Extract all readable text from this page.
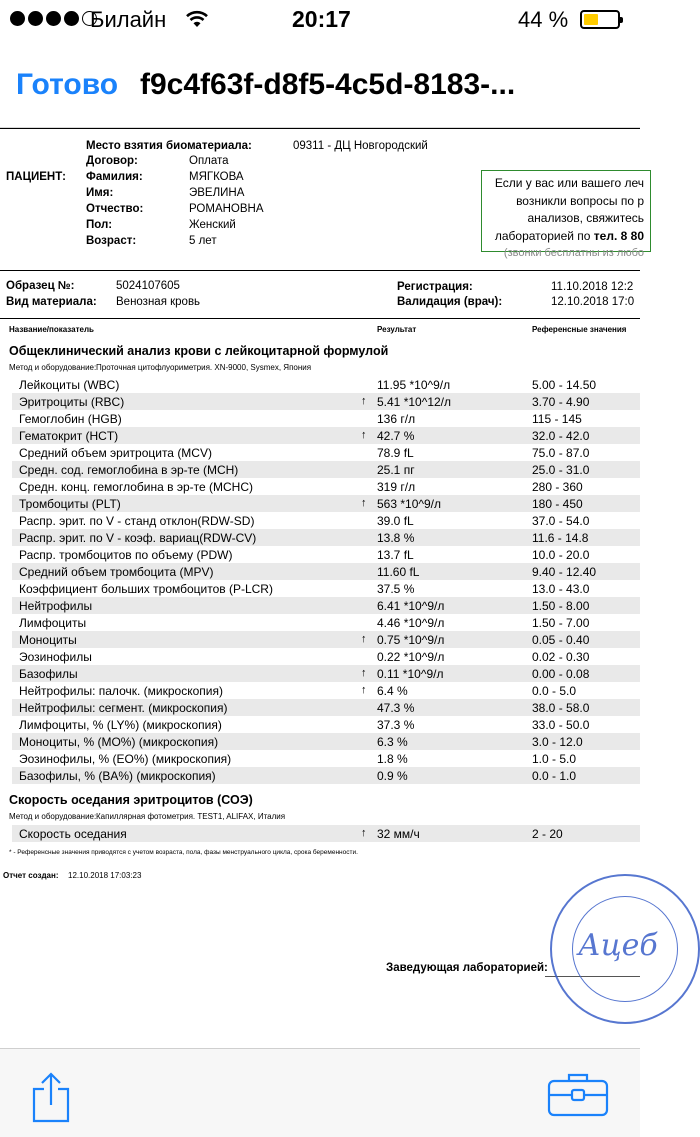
Билайн	20:17	44 %
Готово f9c4f63f-d8f5-4c5d-8183-...
Место взятия биоматериала:	09311 - ДЦ Новгородский
Договор:	Оплата
ПАЦИЕНТ: Фамилия:	МЯГКОВА
Имя:	ЭВЕЛИНА
Отчество:	РОМАНОВНА
Пол:	Женский
Возраст:	5 лет
Если у вас или вашего леч
возникли вопросы по р
анализов, свяжитесь
лабораторией по тел. 8 80
(звонки бесплатны из любо
Образец №:	5024107605
Вид материала: Венозная кровь
Регистрация:	11.10.2018 12:2
Валидация (врач):	12.10.2018 17:0
Название/показатель	Результат	Референсные значения
Общеклинический анализ крови с лейкоцитарной формулой
Метод и оборудование: Проточная цитофлуориметрия. XN-9000, Sysmex, Япония
Лейкоциты (WBC)	11.95 *10^9/л	5.00 - 14.50
Эритроциты (RBC)	↑ 5.41 *10^12/л	3.70 - 4.90
Гемоглобин (HGB)	136 г/л	115 - 145
Гематокрит (HCT)	↑ 42.7 %	32.0 - 42.0
Средний объем эритроцита (MCV)	78.9 fL	75.0 - 87.0
Средн. сод. гемоглобина в эр-те (MCH)	25.1 пг	25.0 - 31.0
Средн. конц. гемоглобина в эр-те (MCHC)	319 г/л	280 - 360
Тромбоциты (PLT)	↑ 563 *10^9/л	180 - 450
Распр. эрит. по V - станд отклон(RDW-SD)	39.0 fL	37.0 - 54.0
Распр. эрит. по V - коэф. вариац(RDW-CV)	13.8 %	11.6 - 14.8
Распр. тромбоцитов по объему (PDW)	13.7 fL	10.0 - 20.0
Средний объем тромбоцита (MPV)	11.60 fL	9.40 - 12.40
Коэффициент больших тромбоцитов (P-LCR)	37.5 %	13.0 - 43.0
Нейтрофилы	6.41 *10^9/л	1.50 - 8.00
Лимфоциты	4.46 *10^9/л	1.50 - 7.00
Моноциты	↑ 0.75 *10^9/л	0.05 - 0.40
Эозинофилы	0.22 *10^9/л	0.02 - 0.30
Базофилы	↑ 0.11 *10^9/л	0.00 - 0.08
Нейтрофилы: палочк. (микроскопия)	↑ 6.4 %	0.0 - 5.0
Нейтрофилы: сегмент. (микроскопия)	47.3 %	38.0 - 58.0
Лимфоциты, % (LY%) (микроскопия)	37.3 %	33.0 - 50.0
Моноциты, % (MO%) (микроскопия)	6.3 %	3.0 - 12.0
Эозинофилы, % (EO%) (микроскопия)	1.8 %	1.0 - 5.0
Базофилы, % (BA%) (микроскопия)	0.9 %	0.0 - 1.0
Скорость оседания эритроцитов (СОЭ)
Метод и оборудование: Капиллярная фотометрия. TEST1, ALIFAX, Италия
Скорость оседания	↑ 32 мм/ч	2 - 20
* - Референсные значения приводятся с учетом возраста, пола, фазы менструального цикла, срока беременности.
Отчет создан: 12.10.2018 17:03:23
Заведующая лабораторией:
Ацеб
